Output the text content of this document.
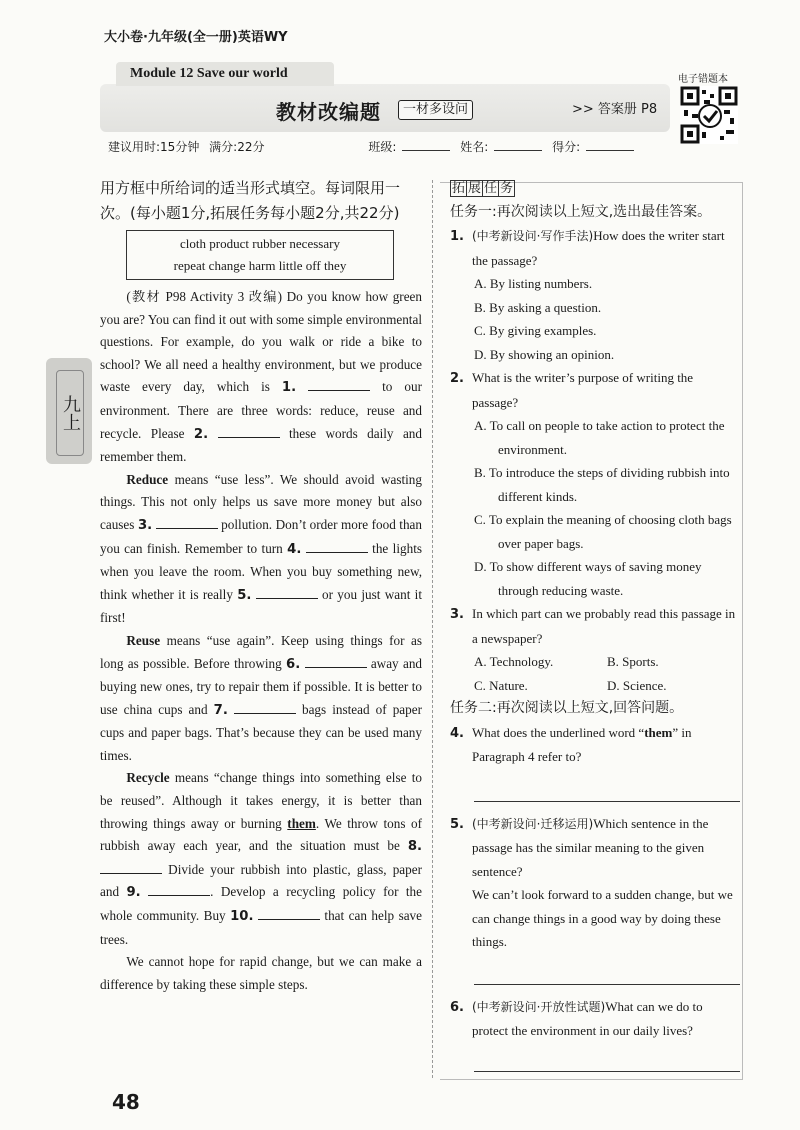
大小卷·九年级(全一册)英语WY
Module 12 Save our world
教材改编题	一材多设问	>> 答案册 P8
电子错题本
建议用时:15分钟 满分:22分	班级:	姓名:	得分:
九上

用方框中所给词的适当形式填空。每词限用一次。(每小题1分,拓展任务每小题2分,共22分)

cloth product rubber necessary
repeat change harm little off they

(教材 P98 Activity 3 改编) Do you know how green you are? You can find it out with some simple environmental questions. For example, do you walk or ride a bike to school? We all need a healthy environment, but we produce waste every day, which is 1.	to our environment. There are three words: reduce, reuse and recycle. Please 2.	these words daily and remember them.

Reduce means “use less”. We should avoid wasting things. This not only helps us save more money but also causes 3.	pollution. Don’t order more food than you can finish. Remember to turn 4.	the lights when you leave the room. When you buy something new, think whether it is really 5.	or you just want it first!

Reuse means “use again”. Keep using things for as long as possible. Before throwing 6.	away and buying new ones, try to repair them if possible. It is better to use china cups and 7.	bags instead of paper cups and paper bags. That’s because they can be used many times.

Recycle means “change things into something else to be reused”. Although it takes energy, it is better than throwing things away or burning them. We throw tons of rubbish away each year, and the situation must be 8.  Divide your rubbish into plastic, glass, paper and 9.	. Develop a recycling policy for the whole community. Buy 10.	that can help save trees.

We cannot hope for rapid change, but we can make a difference by taking these simple steps.

拓 展 任 务

任务一:再次阅读以上短文,选出最佳答案。

1. (中考新设问·写作手法)How does the writer start the passage?

A. By listing numbers.

B. By asking a question.

C. By giving examples.

D. By showing an opinion.

2. What is the writer’s purpose of writing the passage?

A. To call on people to take action to protect the environment.

B. To introduce the steps of dividing rubbish into different kinds.

C. To explain the meaning of choosing cloth bags over paper bags.

D. To show different ways of saving money through reducing waste.

3. In which part can we probably read this passage in a newspaper?

A. Technology.	B. Sports.
C. Nature.	D. Science.

任务二:再次阅读以上短文,回答问题。

4. What does the underlined word “them” in Paragraph 4 refer to?

5. (中考新设问·迁移运用)Which sentence in the passage has the similar meaning to the given sentence?

We can’t look forward to a sudden change, but we can change things in a good way by doing these things.

6. (中考新设问·开放性试题)What can we do to protect the environment in our daily lives?

48
